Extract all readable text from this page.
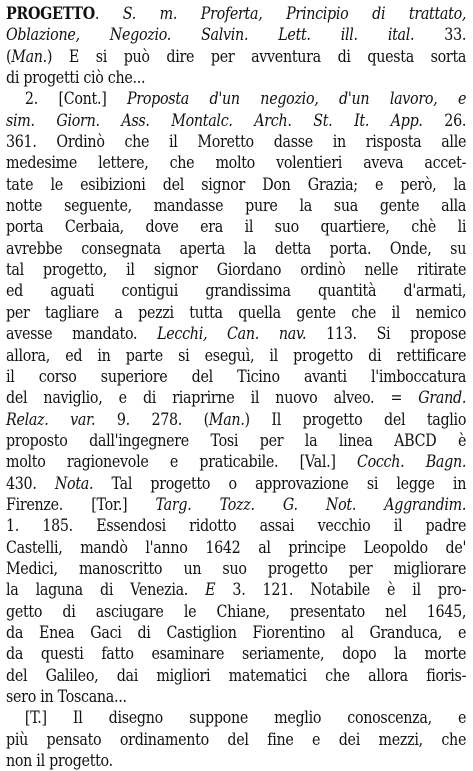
PROGETTO. S. m. Proferta, Principio di trattato,
Oblazione, Negozio. Salvin. Lett. ill. ital. 33.
(Man.) E si può dire per avventura di questa sorta
di progetti ciò che...
2. [Cont.] Proposta d'un negozio, d'un lavoro, e
sim. Giorn. Ass. Montalc. Arch. St. It. App. 26.
361. Ordinò che il Moretto dasse in risposta alle
medesime lettere, che molto volentieri aveva accet-
tate le esibizioni del signor Don Grazia; e però, la
notte seguente, mandasse pure la sua gente alla
porta Cerbaia, dove era il suo quartiere, chè li
avrebbe consegnata aperta la detta porta. Onde, su
tal progetto, il signor Giordano ordinò nelle ritirate
ed aguati contigui grandissima quantità d'armati,
per tagliare a pezzi tutta quella gente che il nemico
avesse mandato. Lecchi, Can. nav. 113. Si propose
allora, ed in parte si eseguì, il progetto di rettificare
il corso superiore del Ticino avanti l'imboccatura
del naviglio, e di riaprirne il nuovo alveo. = Grand.
Relaz. var. 9. 278. (Man.) Il progetto del taglio
proposto dall'ingegnere Tosi per la linea ABCD è
molto ragionevole e praticabile. [Val.] Cocch. Bagn.
430. Nota. Tal progetto o approvazione si legge in
Firenze. [Tor.] Targ. Tozz. G. Not. Aggrandim.
1. 185. Essendosi ridotto assai vecchio il padre
Castelli, mandò l'anno 1642 al principe Leopoldo de'
Medici, manoscritto un suo progetto per migliorare
la laguna di Venezia. E 3. 121. Notabile è il pro-
getto di asciugare le Chiane, presentato nel 1645,
da Enea Gaci di Castiglion Fiorentino al Granduca, e
da questi fatto esaminare seriamente, dopo la morte
del Galileo, dai migliori matematici che allora fioris-
sero in Toscana...
[T.] Il disegno suppone meglio conoscenza, e
più pensato ordinamento del fine e dei mezzi, che
non il progetto.
